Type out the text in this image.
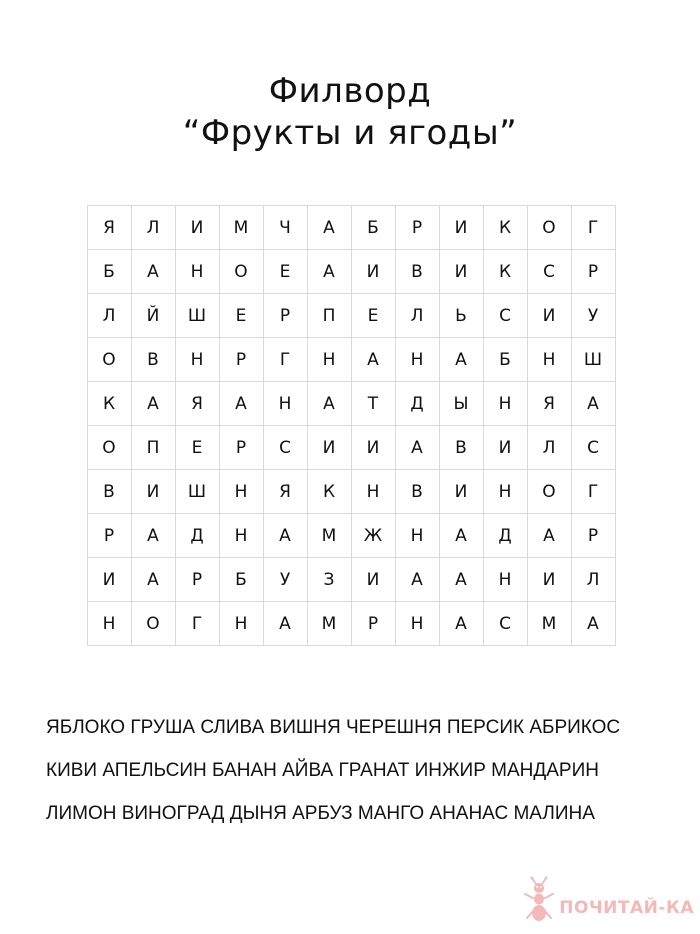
Филворд
“Фрукты и ягоды”
Я	Л	И	М	Ч	А	Б	Р	И	К	О	Г
Б	А	Н	О	Е	А	И	В	И	К	С	Р
Л	Й	Ш	Е	Р	П	Е	Л	Ь	С	И	У
О	В	Н	Р	Г	Н	А	Н	А	Б	Н	Ш
К	А	Я	А	Н	А	Т	Д	Ы	Н	Я	А
О	П	Е	Р	С	И	И	А	В	И	Л	С
В	И	Ш	Н	Я	К	Н	В	И	Н	О	Г
Р	А	Д	Н	А	М	Ж	Н	А	Д	А	Р
И	А	Р	Б	У	З	И	А	А	Н	И	Л
Н	О	Г	Н	А	М	Р	Н	А	С	М	А
ЯБЛОКО ГРУША СЛИВА ВИШНЯ ЧЕРЕШНЯ ПЕРСИК АБРИКОС
КИВИ АПЕЛЬСИН БАНАН АЙВА ГРАНАТ ИНЖИР МАНДАРИН
ЛИМОН ВИНОГРАД ДЫНЯ АРБУЗ МАНГО АНАНАС МАЛИНА
ПОЧИТАЙ-КА
